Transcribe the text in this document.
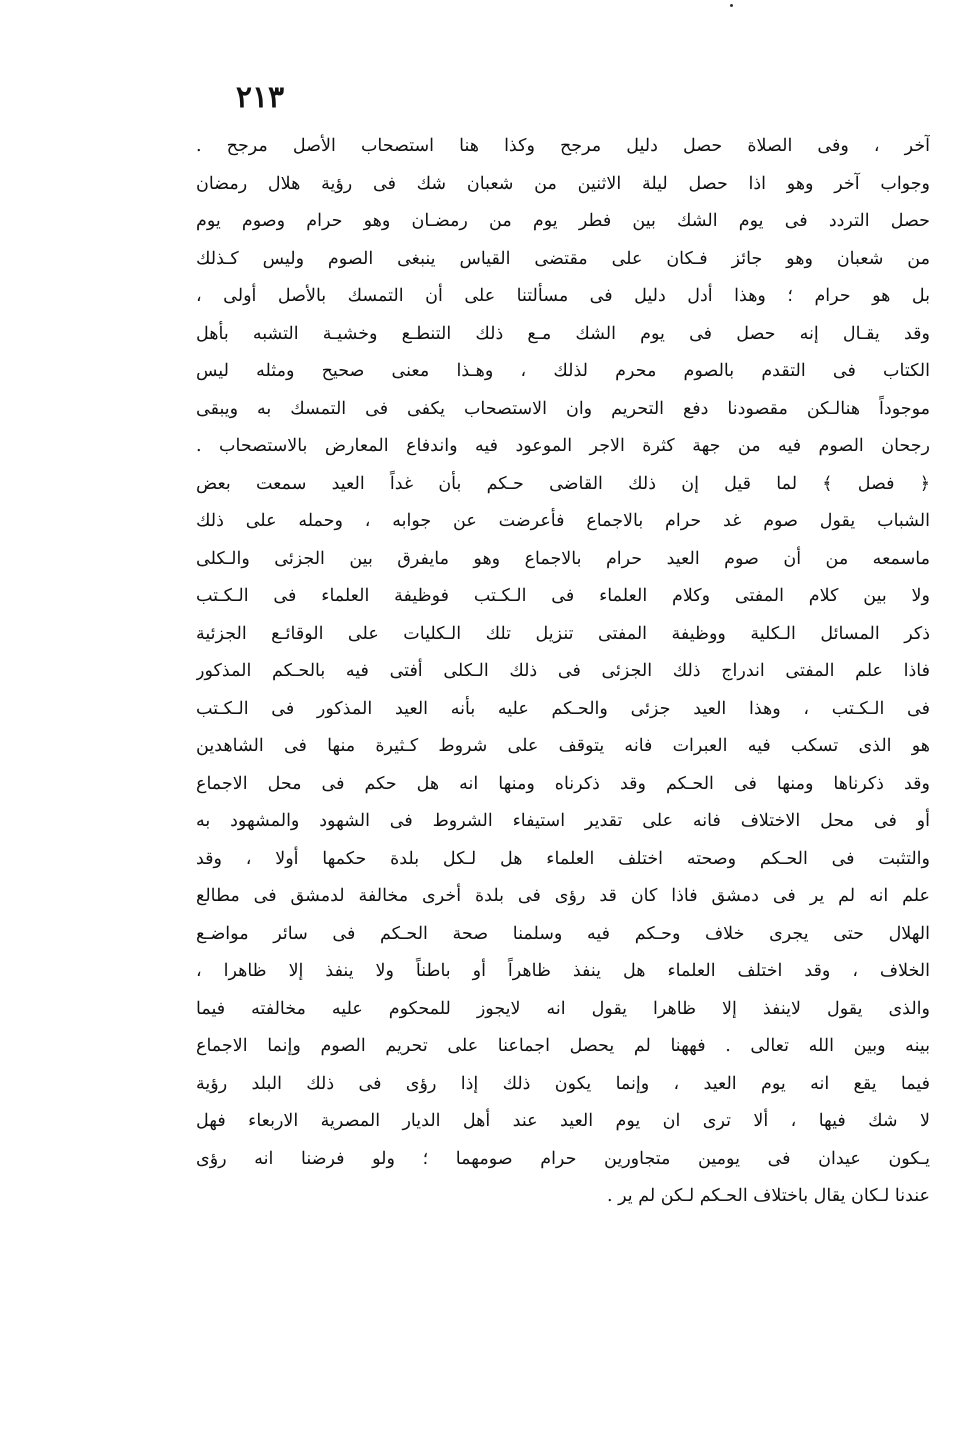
٢١٣
آخر ، وفى الصلاة حصل دليل مرجح وكذا هنا استصحاب الأصل مرجح .
وجواب آخر وهو اذا حصل ليلة الاثنين من شعبان شك فى رؤية هلال رمضان
حصل التردد فى يوم الشك بين فطر يوم من رمضـان وهو حرام وصوم يوم
من شعبان وهو جائز فـكان على مقتضى القياس ينبغى الصوم وليس كـذلك
بل هو حرام ؛ وهذا أدل دليل فى مسألتنا على أن التمسك بالأصل أولى ،
وقد يقـال إنه حصل فى يوم الشك مـع ذلك التنطـع وخشيـة التشبه بأهل
الكتاب فى التقدم بالصوم محرم لذلك ، وهـذا معنى صحيح ومثله ليس
موجوداً هنالـكن مقصودنا دفع التحريم وان الاستصحاب يكفى فى التمسك به ويبقى
رجحان الصوم فيه من جهة كثرة الاجر الموعود فيه واندفاع المعارض بالاستصحاب .
﴿ فصل ﴾ لما قيل إن ذلك القاضى حـكم بأن غداً العيد سمعت بعض
الشباب يقول صوم غد حرام بالاجماع فأعرضت عن جوابه ، وحمله على ذلك
ماسمعه من أن صوم العيد حرام بالاجماع وهو مايفرق بين الجزئى والـكلى
ولا بين كلام المفتى وكلام العلماء فى الـكـتب فوظيفة العلماء فى الـكـتب
ذكر المسائل الـكلية ووظيفة المفتى تنزيل تلك الـكليات على الوقائـع الجزئية
فاذا علم المفتى اندراج ذلك الجزئى فى ذلك الـكلى أفتى فيه بالحـكم المذكور
فى الـكـتب ، وهذا العيد جزئى والحـكم عليه بأنه العيد المذكور فى الـكـتب
هو الذى تسكب فيه العبرات فانه يتوقف على شروط كـثيرة منها فى الشاهدين
وقد ذكرناها ومنها فى الحـكم وقد ذكرناه ومنها انه هل حكم فى محل الاجماع
أو فى محل الاختلاف فانه على تقدير استيفاء الشروط فى الشهود والمشهود به
والتثبت فى الحـكم وصحته اختلف العلماء هل لـكل بلدة حكمها أولا ، وقد
علم انه لم ير فى دمشق فاذا كان قد رؤى فى بلدة أخرى مخالفة لدمشق فى مطالع
الهلال حتى يجرى خلاف وحـكم فيه وسلمنا صحة الحـكم فى سائر مواضـع
الخلاف ، وقد اختلف العلماء هل ينفذ ظاهراً أو باطناً ولا ينفذ إلا ظاهرا ،
والذى يقول لاينفذ إلا ظاهرا يقول انه لايجوز للمحكوم عليه مخالفته فيما
بينه وبين الله تعالى . فههنا لم يحصل اجماعنا على تحريم الصوم وإنما الاجماع
فيما يقع انه يوم العيد ، وإنما يكون ذلك إذا رؤى فى ذلك البلد رؤية
لا شك فيها ، ألا ترى ان يوم العيد عند أهل الديار المصرية الاربعاء فهل
يـكون عيدان فى يومين متجاورين حرام صومهما ؛ ولو فرضنا انه رؤى
عندنا لـكان يقال باختلاف الحـكم لـكن لم ير .
